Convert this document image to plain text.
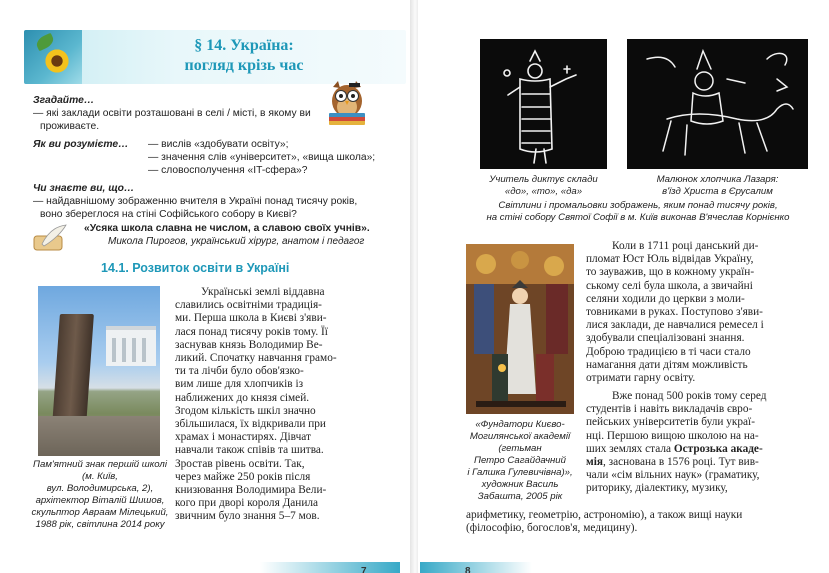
§ 14. Україна:
погляд крізь час
Згадайте…
— які заклади освіти розташовані в селі / місті, в якому ви
проживаєте.
Як ви розумієте… — вислів «здобувати освіту»;
— значення слів «університет», «вища школа»;
— словосполучення «IT-сфера»?
Чи знаєте ви, що…
— найдавнішому зображенню вчителя в Україні понад тисячу років,
воно збереглося на стіні Софійського собору в Києві?
«Усяка школа славна не числом, а славою своїх учнів».
Микола Пирогов, український хірург, анатом і педагог
14.1. Розвиток освіти в Україні
Пам'ятний знак першій школі
(м. Київ,
вул. Володимирська, 2),
архітектор Віталій Шишов,
скульптор Авраам Мілецький,
1988 рік, світлина 2014 року
Українські землі віддавна
славились освітніми традиція-
ми. Перша школа в Києві з'яви-
лася понад тисячу років тому. Її
заснував князь Володимир Ве-
ликий. Спочатку навчання грамо-
ти та лічби було обов'язко-
вим лише для хлопчиків із
наближених до князя сімей.
Згодом кількість шкіл значно
збільшилася, їх відкривали при
храмах і монастирях. Дівчат
навчали також співів та шитва.
Зростав рівень освіти. Так,
через майже 250 років після
книзювання Володимира Вели-
кого при дворі короля Данила
звичним було знання 5–7 мов.
7
Учитель диктує склади
«до», «то», «да»
Малюнок хлопчика Лазаря:
в'їзд Христа в Єрусалим
Світлини і промальовки зображень, яким понад тисячу років,
на стіні собору Святої Софії в м. Київ виконав В'ячеслав Корнієнко
«Фундатори Києво-
Могилянської академії
(гетьман
Петро Сагайдачний
і Галшка Гулевичівна)»,
художник Василь
Забашта, 2005 рік
Коли в 1711 році данський ди-
пломат Юст Юль відвідав Україну,
то зауважив, що в кожному україн-
ському селі була школа, а звичайні
селяни ходили до церкви з моли-
товниками в руках. Поступово з'яви-
лися заклади, де навчалися ремесел і
здобували спеціалізовані знання.
Доброю традицією в ті часи стало
намагання дати дітям можливість
отримати гарну освіту.
Вже понад 500 років тому серед
студентів і навіть викладачів євро-
пейських університетів були украї-
нці. Першою вищою школою на на-
ших землях стала Острозька акаде-
мія, заснована в 1576 році. Тут вив-
чали «сім вільних наук» (граматику,
риторику, діалектику, музику,
арифметику, геометрію, астрономію), а також вищі науки
(філософію, богослов'я, медицину).
8
